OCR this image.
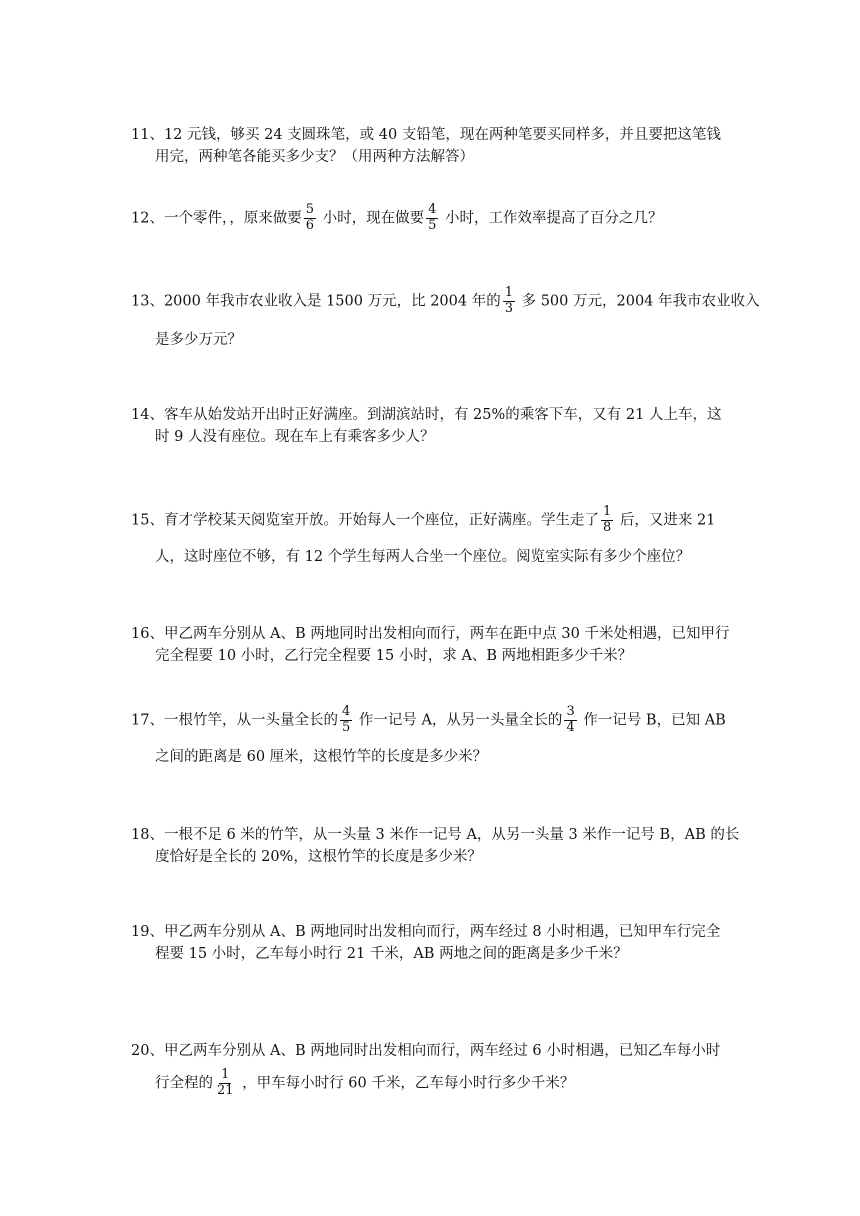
11、12 元钱，够买 24 支圆珠笔，或 40 支铅笔，现在两种笔要买同样多，并且要把这笔钱
用完，两种笔各能买多少支？（用两种方法解答）
12、一个零件，，原来做要 $\frac{5}{6}$ 小时，现在做要 $\frac{4}{5}$ 小时，工作效率提高了百分之几？
13、2000 年我市农业收入是 1500 万元，比 2004 年的 $\frac{1}{3}$ 多 500 万元，2004 年我市农业收入
是多少万元？
14、客车从始发站开出时正好满座。到湖滨站时，有 25%的乘客下车，又有 21 人上车，这
时 9 人没有座位。现在车上有乘客多少人？
15、育才学校某天阅览室开放。开始每人一个座位，正好满座。学生走了 $\frac{1}{8}$ 后，又进来 21
人，这时座位不够，有 12 个学生每两人合坐一个座位。阅览室实际有多少个座位？
16、甲乙两车分别从 A、B 两地同时出发相向而行，两车在距中点 30 千米处相遇，已知甲行
完全程要 10 小时，乙行完全程要 15 小时，求 A、B 两地相距多少千米？
17、一根竹竿，从一头量全长的 $\frac{4}{5}$ 作一记号 A，从另一头量全长的 $\frac{3}{4}$ 作一记号 B，已知 AB
之间的距离是 60 厘米，这根竹竿的长度是多少米？
18、一根不足 6 米的竹竿，从一头量 3 米作一记号 A，从另一头量 3 米作一记号 B，AB 的长
度恰好是全长的 20%，这根竹竿的长度是多少米？
19、甲乙两车分别从 A、B 两地同时出发相向而行，两车经过 8 小时相遇，已知甲车行完全
程要 15 小时，乙车每小时行 21 千米，AB 两地之间的距离是多少千米？
20、甲乙两车分别从 A、B 两地同时出发相向而行，两车经过 6 小时相遇，已知乙车每小时
行全程的 $\frac{1}{21}$ ，甲车每小时行 60 千米，乙车每小时行多少千米？
